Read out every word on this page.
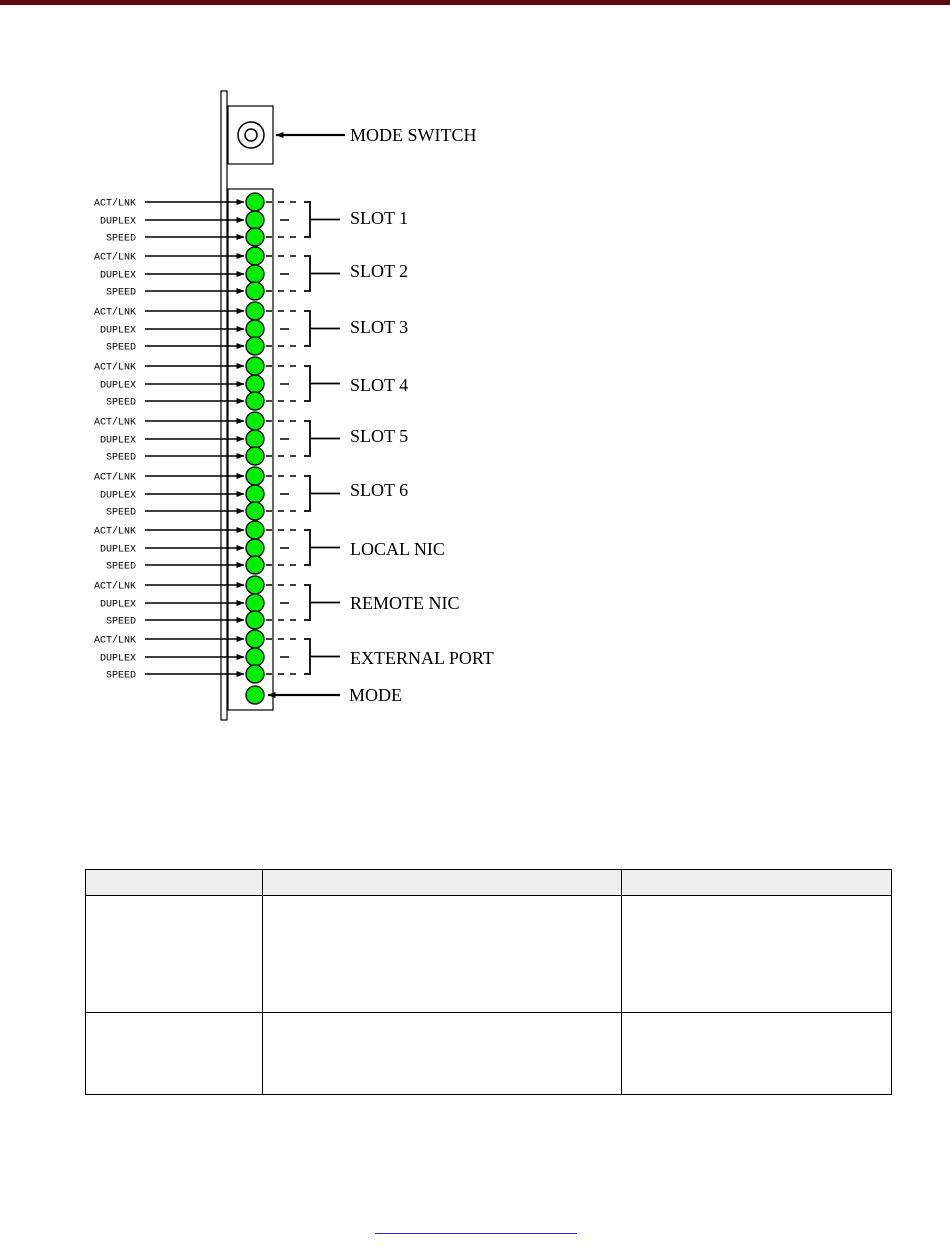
MODE SWITCH
ACT/LNK
DUPLEX
SPEED
SLOT 1
ACT/LNK
DUPLEX
SPEED
SLOT 2
ACT/LNK
DUPLEX
SPEED
SLOT 3
ACT/LNK
DUPLEX
SPEED
SLOT 4
ACT/LNK
DUPLEX
SPEED
SLOT 5
ACT/LNK
DUPLEX
SPEED
SLOT 6
ACT/LNK
DUPLEX
SPEED
LOCAL NIC
ACT/LNK
DUPLEX
SPEED
REMOTE NIC
ACT/LNK
DUPLEX
SPEED
EXTERNAL PORT
MODE
